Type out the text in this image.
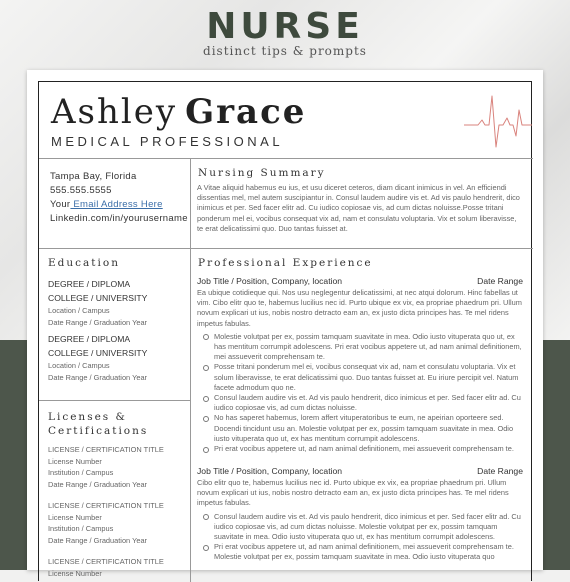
NURSE
distinct tips & prompts
Ashley Grace
MEDICAL PROFESSIONAL
Tampa Bay, Florida
555.555.5555
Your Email Address Here
Linkedin.com/in/yourusername
Nursing Summary
A Vitae aliquid habemus eu ius, et usu diceret ceteros, diam dicant inimicus in vel. An efficiendi dissentias mel, mel autem suscipiantur in. Consul laudem audire vis et. Ad vis paulo hendrerit, dico inimicus et per. Sed facer elitr ad. Cu iudico copiosae vis, ad cum dictas noluisse.Posse tritani ponderum mel ei, vocibus consequat vix ad, nam et consulatu voluptaria. Vix et solum liberavisse, te erat delicatissimi quo. Duo tantas fuisset at.
Education
DEGREE / DIPLOMA
COLLEGE / UNIVERSITY
Location / Campus
Date Range / Graduation Year
DEGREE / DIPLOMA
COLLEGE / UNIVERSITY
Location / Campus
Date Range / Graduation Year
Licenses &
Certifications
LICENSE / CERTIFICATION TITLE
License Number
Institution / Campus
Date Range / Graduation Year
LICENSE / CERTIFICATION TITLE
License Number
Institution / Campus
Date Range / Graduation Year
LICENSE / CERTIFICATION TITLE
License Number
Professional Experience
Job Title / Position, Company, location	Date Range
Ea ubique cotidieque qui. Nos usu neglegentur delicatissimi, at nec atqui dolorum. Hinc fabellas ut vim. Cibo elitr quo te, habemus lucilius nec id. Purto ubique ex vix, ea propriae phaedrum pri. Ullum novum explicari ut ius, nobis nostro detracto eam an, ex justo dicta principes has. Te mel ridens impetus fabulas.
Molestie volutpat per ex, possim tamquam suavitate in mea. Odio iusto vituperata quo ut, ex has mentitum corrumpit adolescens. Pri erat vocibus appetere ut, ad nam animal definitionem, mei assueverit comprehensam te.
Posse tritani ponderum mel ei, vocibus consequat vix ad, nam et consulatu voluptaria. Vix et solum liberavisse, te erat delicatissimi quo. Duo tantas fuisset at. Eu iriure percipit vel. Natum facete admodum quo ne.
Consul laudem audire vis et. Ad vis paulo hendrerit, dico inimicus et per. Sed facer elitr ad. Cu iudico copiosae vis, ad cum dictas noluisse.
No has saperet habemus, lorem affert vituperatoribus te eum, ne apeirian oporteere sed. Docendi tincidunt usu an. Molestie volutpat per ex, possim tamquam suavitate in mea. Odio iusto vituperata quo ut, ex has mentitum corrumpit adolescens.
Pri erat vocibus appetere ut, ad nam animal definitionem, mei assueverit comprehensam te.
Job Title / Position, Company, location	Date Range
Cibo elitr quo te, habemus lucilius nec id. Purto ubique ex vix, ea propriae phaedrum pri. Ullum novum explicari ut ius, nobis nostro detracto eam an, ex justo dicta principes has. Te mel ridens impetus fabulas.
Consul laudem audire vis et. Ad vis paulo hendrerit, dico inimicus et per. Sed facer elitr ad. Cu iudico copiosae vis, ad cum dictas noluisse. Molestie volutpat per ex, possim tamquam suavitate in mea. Odio iusto vituperata quo ut, ex has mentitum corrumpit adolescens.
Pri erat vocibus appetere ut, ad nam animal definitionem, mei assueverit comprehensam te. Molestie volutpat per ex, possim tamquam suavitate in mea. Odio iusto vituperata quo
